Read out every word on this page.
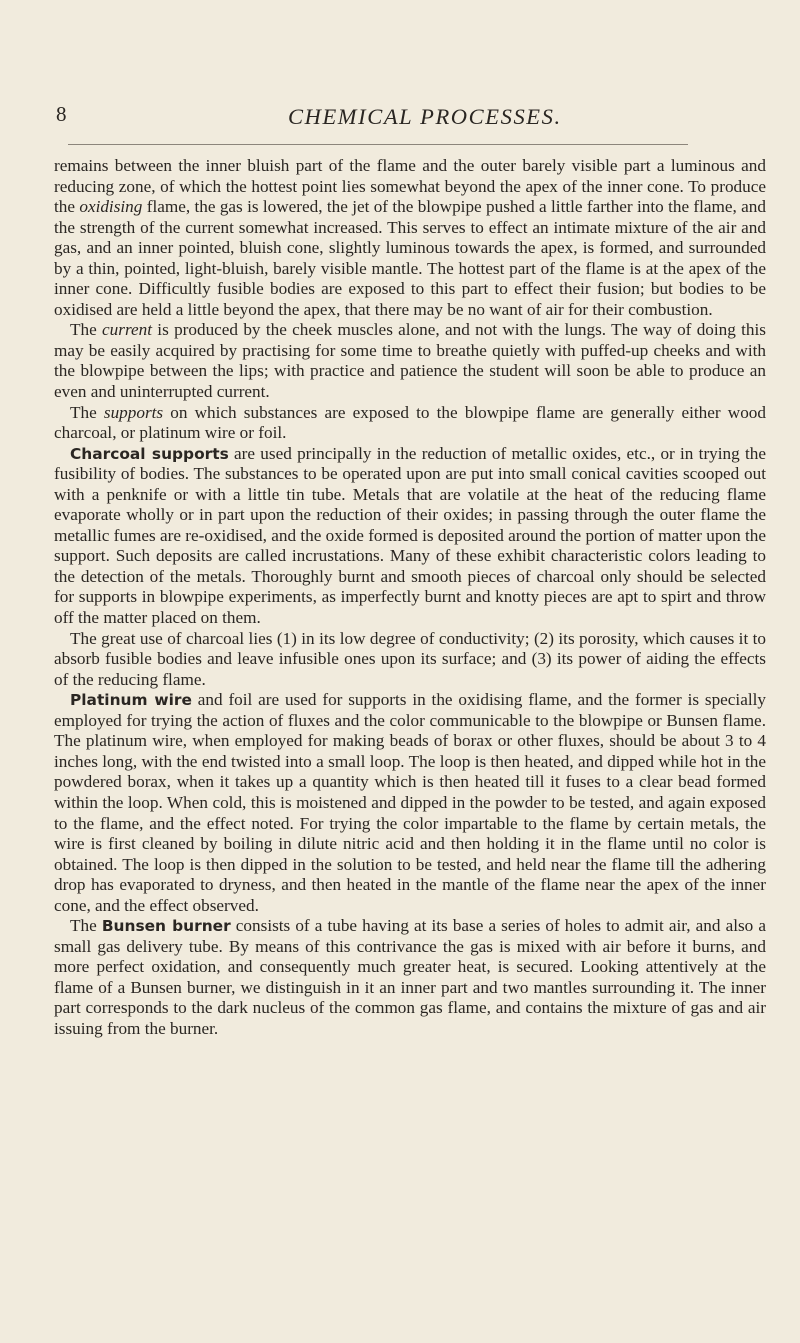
8	CHEMICAL PROCESSES.

remains between the inner bluish part of the flame and the outer barely visible part a luminous and reducing zone, of which the hottest point lies somewhat beyond the apex of the inner cone. To produce the oxidising flame, the gas is lowered, the jet of the blowpipe pushed a little farther into the flame, and the strength of the current somewhat increased. This serves to effect an intimate mixture of the air and gas, and an inner pointed, bluish cone, slightly luminous towards the apex, is formed, and surrounded by a thin, pointed, light-bluish, barely visible mantle. The hottest part of the flame is at the apex of the inner cone. Difficultly fusible bodies are exposed to this part to effect their fusion; but bodies to be oxidised are held a little beyond the apex, that there may be no want of air for their combustion.

The current is produced by the cheek muscles alone, and not with the lungs. The way of doing this may be easily acquired by practising for some time to breathe quietly with puffed-up cheeks and with the blowpipe between the lips; with practice and patience the student will soon be able to produce an even and uninterrupted current.

The supports on which substances are exposed to the blowpipe flame are generally either wood charcoal, or platinum wire or foil.

Charcoal supports are used principally in the reduction of metallic oxides, etc., or in trying the fusibility of bodies. The substances to be operated upon are put into small conical cavities scooped out with a penknife or with a little tin tube. Metals that are volatile at the heat of the reducing flame evaporate wholly or in part upon the reduction of their oxides; in passing through the outer flame the metallic fumes are re-oxidised, and the oxide formed is deposited around the portion of matter upon the support. Such deposits are called incrustations. Many of these exhibit characteristic colors leading to the detection of the metals. Thoroughly burnt and smooth pieces of charcoal only should be selected for supports in blowpipe experiments, as imperfectly burnt and knotty pieces are apt to spirt and throw off the matter placed on them.

The great use of charcoal lies (1) in its low degree of conductivity; (2) its porosity, which causes it to absorb fusible bodies and leave infusible ones upon its surface; and (3) its power of aiding the effects of the reducing flame.

Platinum wire and foil are used for supports in the oxidising flame, and the former is specially employed for trying the action of fluxes and the color communicable to the blowpipe or Bunsen flame. The platinum wire, when employed for making beads of borax or other fluxes, should be about 3 to 4 inches long, with the end twisted into a small loop. The loop is then heated, and dipped while hot in the powdered borax, when it takes up a quantity which is then heated till it fuses to a clear bead formed within the loop. When cold, this is moistened and dipped in the powder to be tested, and again exposed to the flame, and the effect noted. For trying the color impartable to the flame by certain metals, the wire is first cleaned by boiling in dilute nitric acid and then holding it in the flame until no color is obtained. The loop is then dipped in the solution to be tested, and held near the flame till the adhering drop has evaporated to dryness, and then heated in the mantle of the flame near the apex of the inner cone, and the effect observed.

The Bunsen burner consists of a tube having at its base a series of holes to admit air, and also a small gas delivery tube. By means of this contrivance the gas is mixed with air before it burns, and more perfect oxidation, and consequently much greater heat, is secured. Looking attentively at the flame of a Bunsen burner, we distinguish in it an inner part and two mantles surrounding it. The inner part corresponds to the dark nucleus of the common gas flame, and contains the mixture of gas and air issuing from the burner.
